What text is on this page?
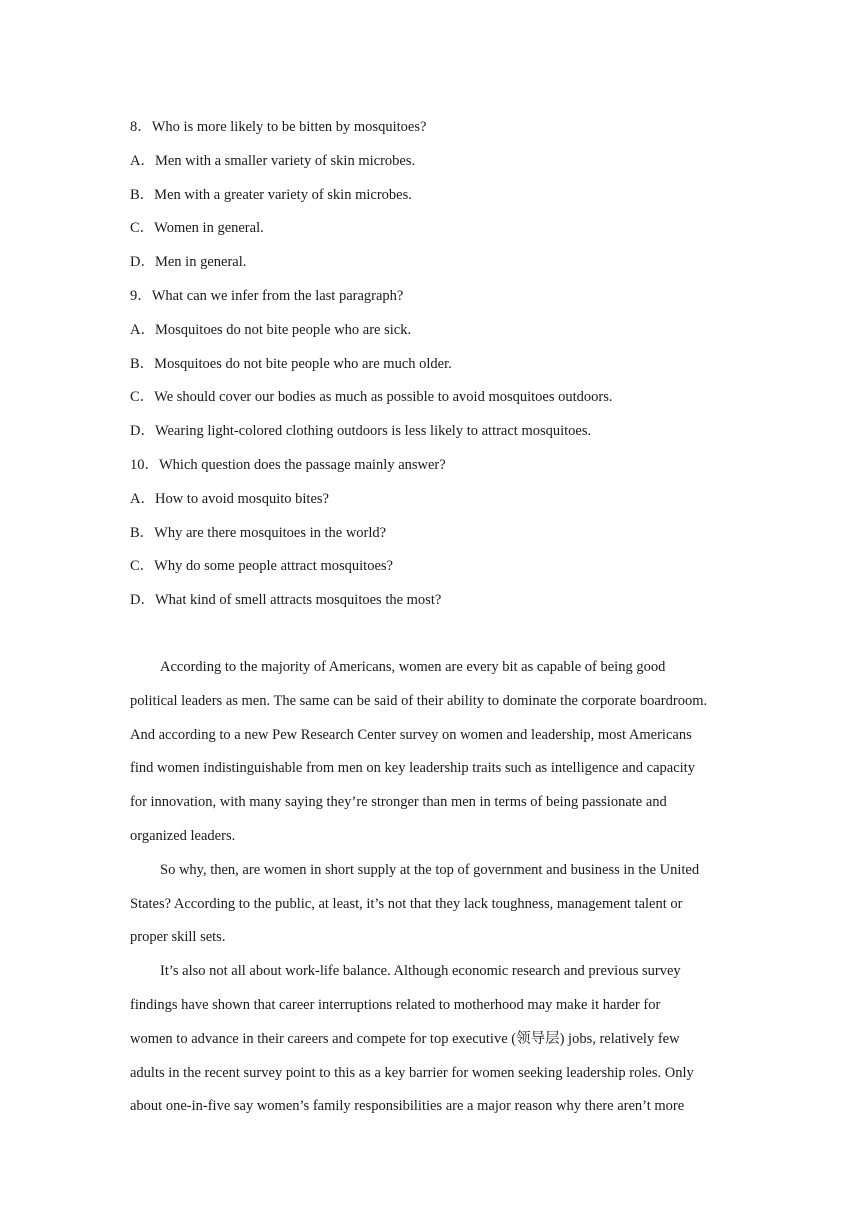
8．Who is more likely to be bitten by mosquitoes?
A．Men with a smaller variety of skin microbes.
B．Men with a greater variety of skin microbes.
C．Women in general.
D．Men in general.
9．What can we infer from the last paragraph?
A．Mosquitoes do not bite people who are sick.
B．Mosquitoes do not bite people who are much older.
C．We should cover our bodies as much as possible to avoid mosquitoes outdoors.
D．Wearing light-colored clothing outdoors is less likely to attract mosquitoes.
10．Which question does the passage mainly answer?
A．How to avoid mosquito bites?
B．Why are there mosquitoes in the world?
C．Why do some people attract mosquitoes?
D．What kind of smell attracts mosquitoes the most?
According to the majority of Americans, women are every bit as capable of being good
political leaders as men. The same can be said of their ability to dominate the corporate boardroom.
And according to a new Pew Research Center survey on women and leadership, most Americans
find women indistinguishable from men on key leadership traits such as intelligence and capacity
for innovation, with many saying they’re stronger than men in terms of being passionate and
organized leaders.
So why, then, are women in short supply at the top of government and business in the United
States? According to the public, at least, it’s not that they lack toughness, management talent or
proper skill sets.
It’s also not all about work-life balance. Although economic research and previous survey
findings have shown that career interruptions related to motherhood may make it harder for
women to advance in their careers and compete for top executive (领导层) jobs, relatively few
adults in the recent survey point to this as a key barrier for women seeking leadership roles. Only
about one-in-five say women’s family responsibilities are a major reason why there aren’t more
